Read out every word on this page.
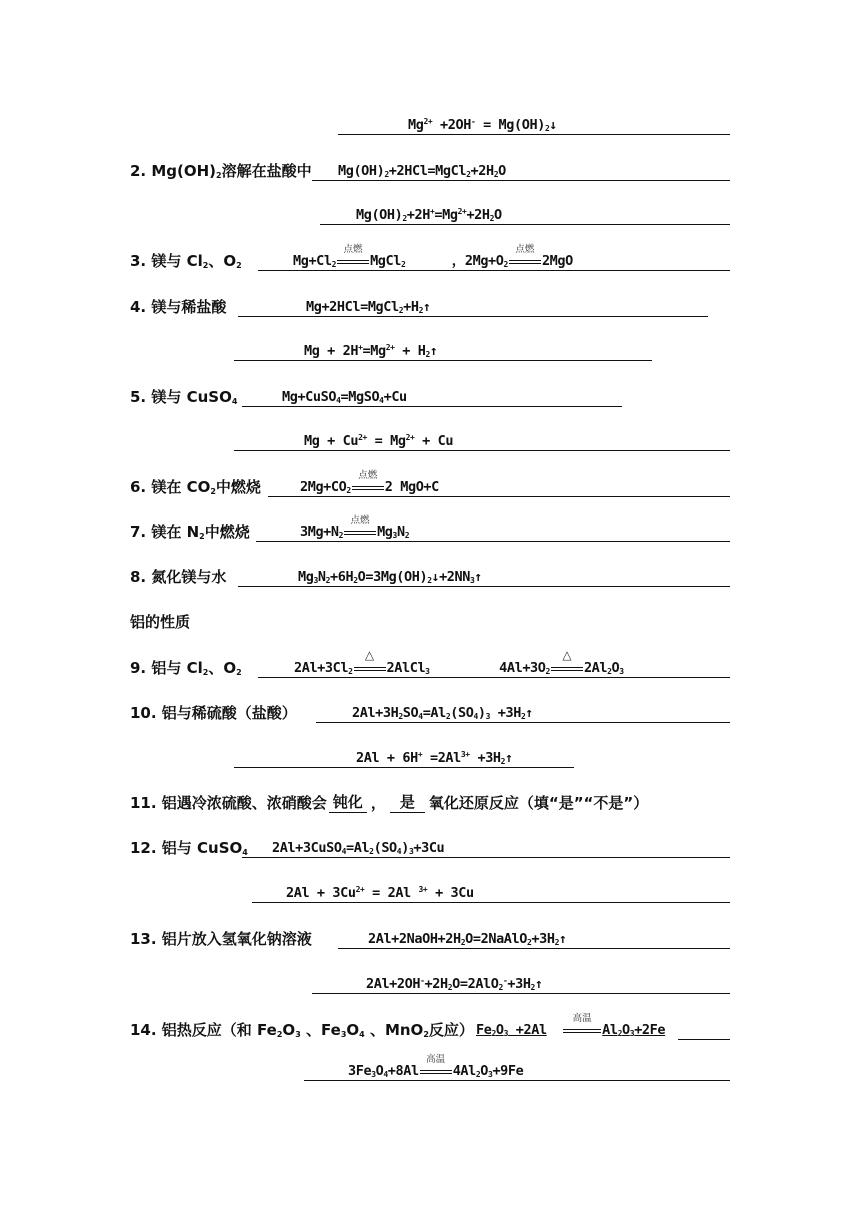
$Mg^{2+} +2OH^-$ = $Mg(OH)_2↓$
2. $Mg(OH)_2$溶解在盐酸中 $Mg(OH)_2+2HCl=MgCl_2+2H_2O$
$Mg(OH)_2+2H^+=Mg^{2+}+2H_2O$
3. 镁与 $Cl_2$、$O_2$	$Mg+Cl_2$
点燃
MgCl$_2$      ，$2Mg+O_2$
点燃
2MgO
4. 镁与稀盐酸	$Mg+2HCl=MgCl_2+H_2↑$
$Mg + 2H^+=Mg^{2+}$ + $H_2↑$
5. 镁与 CuSO$_4$	Mg+CuSO$_4$=MgSO$_4$+Cu
$Mg + Cu^{2+} = Mg^{2+} + Cu$
6. 镁在 $CO_2$中燃烧	$2Mg+CO_2$
点燃
2 MgO+C
7. 镁在 $N_2$中燃烧	$3Mg+N_2$
点燃
$Mg_3N_2$
8. 氮化镁与水	$Mg_3N_2+6H_2O=3Mg(OH)_2↓+2NN_3↑$
铝的性质
9. 铝与 $Cl_2$、$O_2$	$2Al+3Cl_2$
△
2AlCl$_3$         $4Al+3O_2$
△
$2Al_2O_3$
10. 铝与稀硫酸（盐酸）	$2Al+3H_2SO_4=Al_2(SO_4)_3$ $+3H_2↑$
$2Al + 6H^+ =2Al^{3+}$ $+3H_2↑$
11. 铝遇冷浓硫酸、浓硝酸会 钝化 ， 是 氧化还原反应（填“是”“不是”）
12. 铝与 CuSO$_4$ $2Al+3CuSO_4=Al_2(SO_4)_3+3Cu$
$2Al + 3Cu^{2+} = 2Al$ $^{3+}$ + 3Cu
13. 铝片放入氢氧化钠溶液	$2Al+2NaOH+2H_2O=2NaAlO_2+3H_2↑$
$2Al+2OH^-+2H_2O=2AlO_2^-+3H_2↑$
14. 铝热反应（和 $Fe_2O_3$ 、$Fe_3O_4$ 、MnO$_2$反应） $Fe_2O_3 +2Al$
高温
$Al_2O_3+2Fe$
$3Fe_3O_4+8Al$
高温
$4Al_2O_3+9Fe$
